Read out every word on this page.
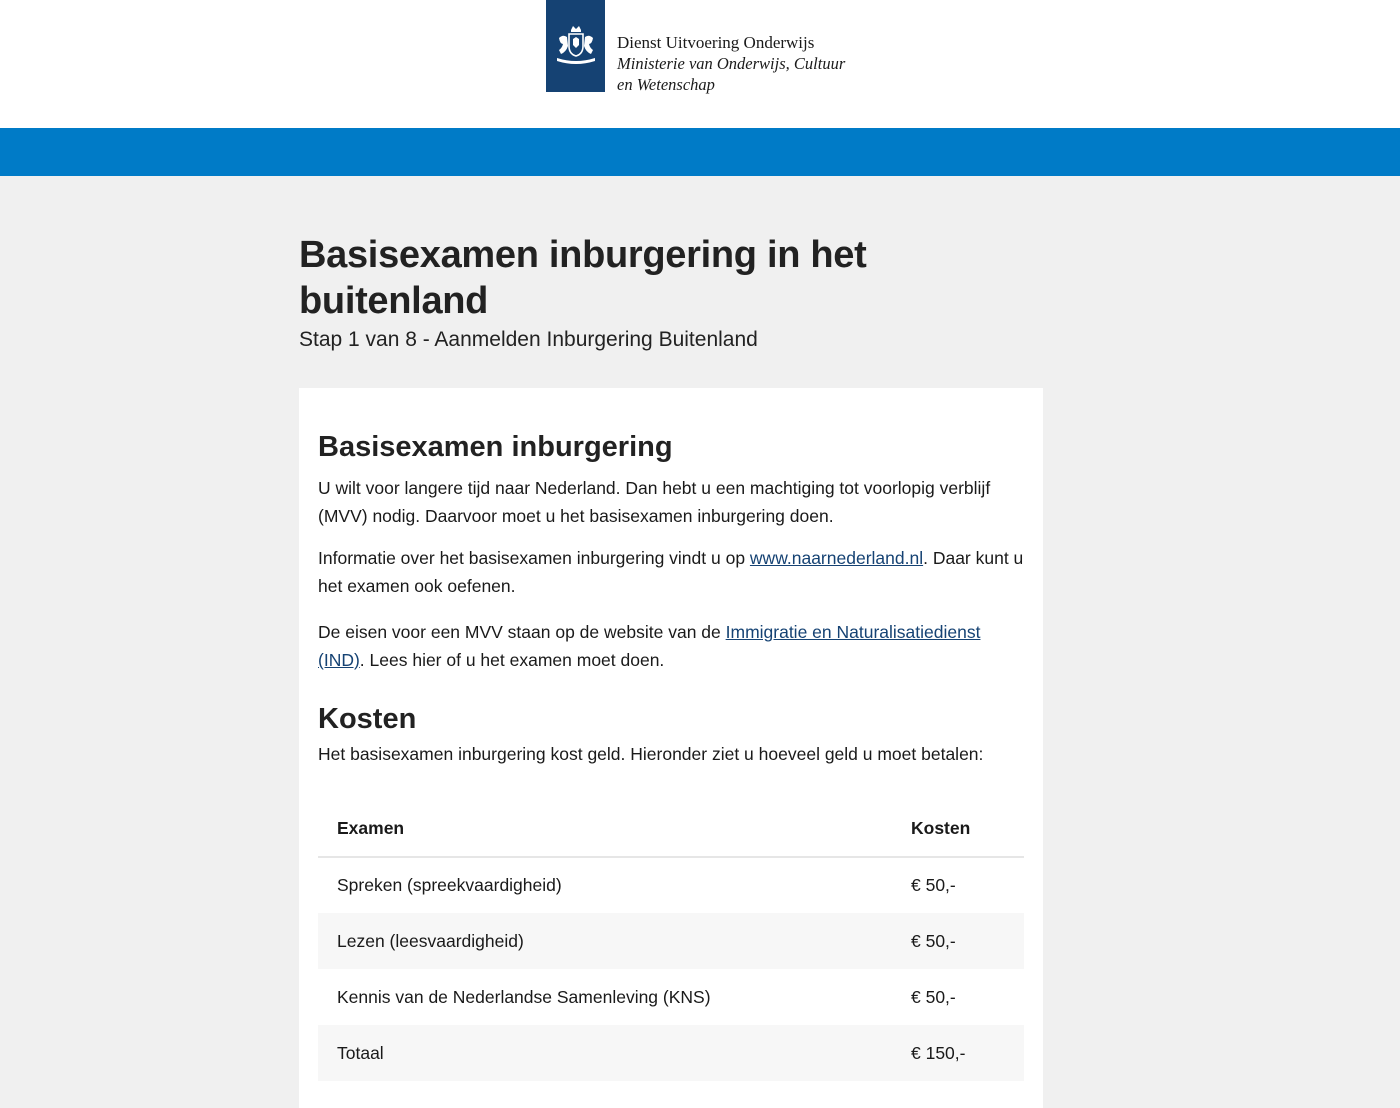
Dienst Uitvoering Onderwijs
Ministerie van Onderwijs, Cultuur en Wetenschap
Basisexamen inburgering in het buitenland
Stap 1 van 8 - Aanmelden Inburgering Buitenland
Basisexamen inburgering

U wilt voor langere tijd naar Nederland. Dan hebt u een machtiging tot voorlopig verblijf (MVV) nodig. Daarvoor moet u het basisexamen inburgering doen.

Informatie over het basisexamen inburgering vindt u op www.naarnederland.nl. Daar kunt u het examen ook oefenen.

De eisen voor een MVV staan op de website van de Immigratie en Naturalisatiedienst (IND). Lees hier of u het examen moet doen.

Kosten

Het basisexamen inburgering kost geld. Hieronder ziet u hoeveel geld u moet betalen:

Examen	Kosten
Spreken (spreekvaardigheid)	€ 50,-
Lezen (leesvaardigheid)	€ 50,-
Kennis van de Nederlandse Samenleving (KNS)	€ 50,-
Totaal	€ 150,-
